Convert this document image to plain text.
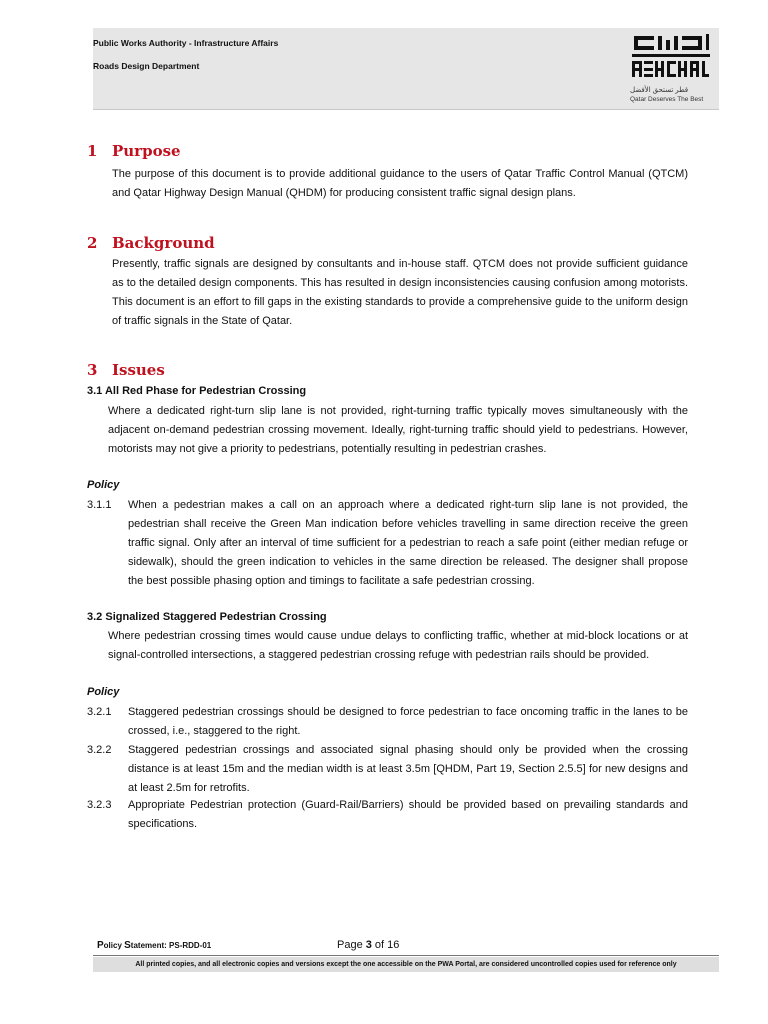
Public Works Authority - Infrastructure Affairs
Roads Design Department
قطر تستحق الأفضل
Qatar Deserves The Best
1 Purpose

The purpose of this document is to provide additional guidance to the users of Qatar Traffic Control Manual (QTCM) and Qatar Highway Design Manual (QHDM) for producing consistent traffic signal design plans.

2 Background

Presently, traffic signals are designed by consultants and in-house staff. QTCM does not provide sufficient guidance as to the detailed design components. This has resulted in design inconsistencies causing confusion among motorists. This document is an effort to fill gaps in the existing standards to provide a comprehensive guide to the uniform design of traffic signals in the State of Qatar.

3 Issues
3.1 All Red Phase for Pedestrian Crossing

Where a dedicated right-turn slip lane is not provided, right-turning traffic typically moves simultaneously with the adjacent on-demand pedestrian crossing movement. Ideally, right-turning traffic should yield to pedestrians. However, motorists may not give a priority to pedestrians, potentially resulting in pedestrian crashes.

Policy
3.1.1 When a pedestrian makes a call on an approach where a dedicated right-turn slip lane is not provided, the pedestrian shall receive the Green Man indication before vehicles travelling in same direction receive the green traffic signal. Only after an interval of time sufficient for a pedestrian to reach a safe point (either median refuge or sidewalk), should the green indication to vehicles in the same direction be released. The designer shall propose the best possible phasing option and timings to facilitate a safe pedestrian crossing.
3.2 Signalized Staggered Pedestrian Crossing

Where pedestrian crossing times would cause undue delays to conflicting traffic, whether at mid-block locations or at signal-controlled intersections, a staggered pedestrian crossing refuge with pedestrian rails should be provided.

Policy
3.2.1 Staggered pedestrian crossings should be designed to force pedestrian to face oncoming traffic in the lanes to be crossed, i.e., staggered to the right.
3.2.2 Staggered pedestrian crossings and associated signal phasing should only be provided when the crossing distance is at least 15m and the median width is at least 3.5m [QHDM, Part 19, Section 2.5.5] for new designs and at least 2.5m for retrofits.
3.2.3 Appropriate Pedestrian protection (Guard-Rail/Barriers) should be provided based on prevailing standards and specifications.
Policy Statement: PS-RDD-01	Page 3 of 16
All printed copies, and all electronic copies and versions except the one accessible on the PWA Portal, are considered uncontrolled copies used for reference only
